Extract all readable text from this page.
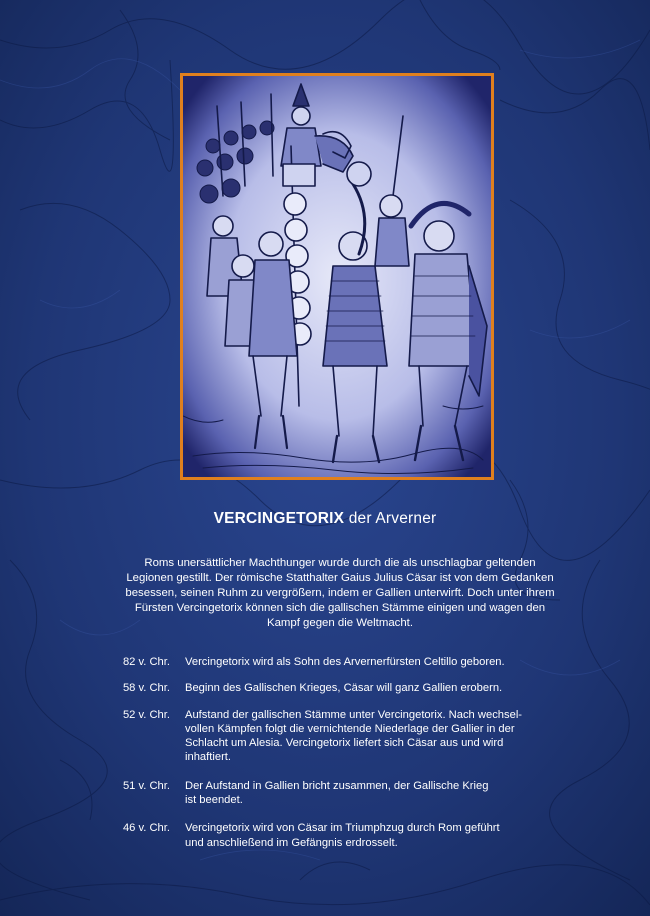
VERCINGETORIX der Arverner
Roms unersättlicher Machthunger wurde durch die als unschlagbar geltenden
Legionen gestillt. Der römische Statthalter Gaius Julius Cäsar ist von dem Gedanken
besessen, seinen Ruhm zu vergrößern, indem er Gallien unterwirft. Doch unter ihrem
Fürsten Vercingetorix können sich die gallischen Stämme einigen und wagen den
Kampf gegen die Weltmacht.
82 v. Chr.	Vercingetorix wird als Sohn des Arvernerfürsten Celtillo geboren.
58 v. Chr.	Beginn des Gallischen Krieges, Cäsar will ganz Gallien erobern.
52 v. Chr.	Aufstand der gallischen Stämme unter Vercingetorix. Nach wechsel-
vollen Kämpfen folgt die vernichtende Niederlage der Gallier in der
Schlacht um Alesia. Vercingetorix liefert sich Cäsar aus und wird
inhaftiert.
51 v. Chr.	Der Aufstand in Gallien bricht zusammen, der Gallische Krieg
ist beendet.
46 v. Chr.	Vercingetorix wird von Cäsar im Triumphzug durch Rom geführt
und anschließend im Gefängnis erdrosselt.
